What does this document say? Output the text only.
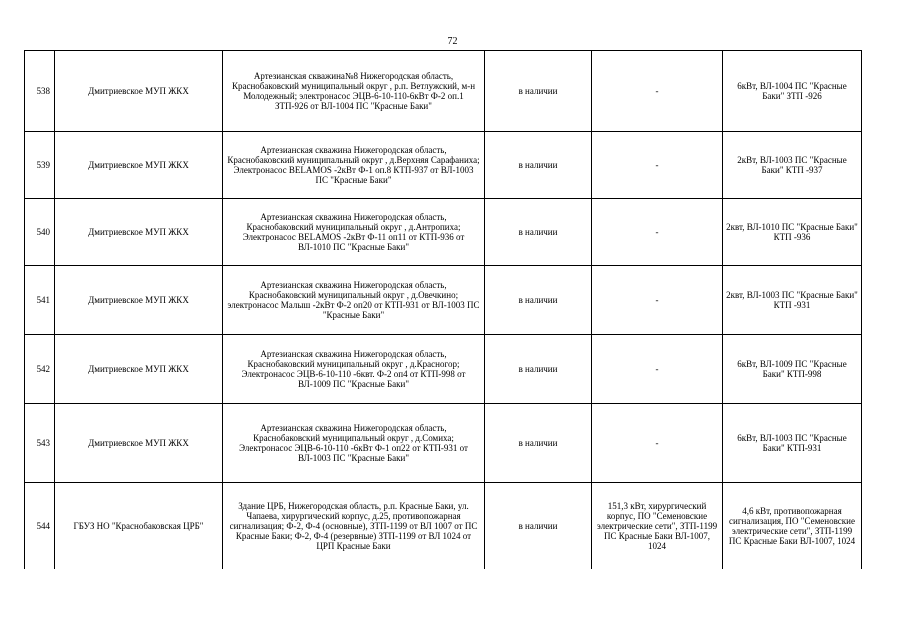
72
538	Дмитриевское МУП ЖКХ	Артезианская скважина№8 Нижегородская область, Краснобаковский муниципальный округ , р.п. Ветлужский, м-н Молодежный; электронасос ЭЦВ-6-10-110-6кВт Ф-2 оп.1 ЗТП-926 от ВЛ-1004 ПС "Красные Баки"	в наличии	-	6кВт, ВЛ-1004 ПС "Красные Баки" ЗТП -926
539	Дмитриевское МУП ЖКХ	Артезианская скважина Нижегородская область, Краснобаковский муниципальный округ , д.Верхняя Сарафаниха; Электронасос BELAMOS -2кВт Ф-1 оп.8 КТП-937 от ВЛ-1003 ПС "Красные Баки"	в наличии	-	2кВт, ВЛ-1003 ПС "Красные Баки" КТП -937
540	Дмитриевское МУП ЖКХ	Артезианская скважина Нижегородская область, Краснобаковский муниципальный округ , д.Антропиха; Электронасос BELAMOS -2кВт Ф-11 оп11 от КТП-936 от ВЛ-1010 ПС "Красные Баки"	в наличии	-	2квт, ВЛ-1010 ПС "Красные Баки" КТП -936
541	Дмитриевское МУП ЖКХ	Артезианская скважина Нижегородская область, Краснобаковский муниципальный округ , д.Овечкино; электронасос Малыш -2кВт Ф-2 оп20 от КТП-931 от ВЛ-1003 ПС "Красные Баки"	в наличии	-	2квт, ВЛ-1003 ПС "Красные Баки" КТП -931
542	Дмитриевское МУП ЖКХ	Артезианская скважина Нижегородская область, Краснобаковский муниципальный округ , д.Красногор; Электронасос ЭЦВ-6-10-110 -6квт. Ф-2 оп4 от КТП-998 от ВЛ-1009 ПС "Красные Баки"	в наличии	-	6кВт, ВЛ-1009 ПС "Красные Баки" КТП-998
543	Дмитриевское МУП ЖКХ	Артезианская скважина Нижегородская область, Краснобаковский муниципальный округ , д.Сомиха; Электронасос ЭЦВ-6-10-110 -6кВт Ф-1 оп22 от КТП-931 от ВЛ-1003 ПС "Красные Баки"	в наличии	-	6кВт, ВЛ-1003 ПС "Красные Баки" КТП-931
544	ГБУЗ НО "Краснобаковская ЦРБ"	Здание ЦРБ, Нижегородская область, р.п. Красные Баки, ул. Чапаева, хирургический корпус, д.25, противопожарная сигнализация; Ф-2, Ф-4 (основные), ЗТП-1199 от ВЛ 1007 от ПС Красные Баки; Ф-2, Ф-4 (резервные) ЗТП-1199 от ВЛ 1024 от ЦРП Красные Баки	в наличии	151,3 кВт, хирургический корпус, ПО "Семеновские электрические сети", ЗТП-1199 ПС Красные Баки ВЛ-1007, 1024	4,6 кВт, противопожарная сигнализация, ПО "Семеновские электрические сети", ЗТП-1199 ПС Красные Баки ВЛ-1007, 1024
